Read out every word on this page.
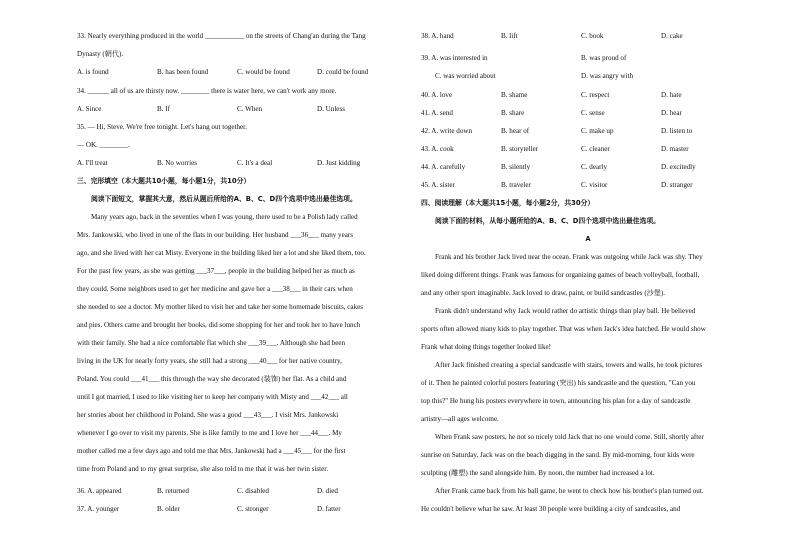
33. Nearly everything produced in the world ___________ on the streets of Chang'an during the Tang
Dynasty (朝代).
A. is found	B. has been found	C. would be found	D. could be found
34. ______ all of us are thirsty now. ________ there is water here, we can't work any more.
A. Since	B. If	C. When	D. Unless
35. — Hi, Steve. We're free tonight. Let's hang out together.
— OK. ________.
A. I'll treat	B. No worries	C. It's a deal	D. Just kidding
三、完形填空（本大题共10小题，每小题1分，共10分）
阅读下面短文，掌握其大意，然后从题后所给的A、B、C、D四个选项中选出最佳选项。
Many years ago, back in the seventies when I was young, there used to be a Polish lady called
Mrs. Jankowski, who lived in one of the flats in our building. Her husband ___36___ many years
ago, and she lived with her cat Misty. Everyone in the building liked her a lot and she liked them, too.
For the past few years, as she was getting ___37___, people in the building helped her as much as
they could. Some neighbors used to get her medicine and gave her a ___38___ in their cars when
she needed to see a doctor. My mother liked to visit her and take her some homemade biscuits, cakes
and pies. Others came and brought her books, did some shopping for her and took her to have lunch
with their family. She had a nice comfortable flat which she ___39___. Although she had been
living in the UK for nearly forty years, she still had a strong ___40___ for her native country,
Poland. You could ___41___ this through the way she decorated (装饰) her flat. As a child and
until I got married, I used to like visiting her to keep her company with Misty and ___42___ all
her stories about her childhood in Poland. She was a good ___43___. I visit Mrs. Jankowski
whenever I go over to visit my parents. She is like family to me and I love her ___44___. My
mother called me a few days ago and told me that Mrs. Jankowski had a ___45___ for the first
time from Poland and to my great surprise, she also told to me that it was her twin sister.
36. A. appeared	B. returned	C. disabled	D. died
37. A. younger	B. older	C. stronger	D. fatter
38. A. hand	B. lift	C. book	D. cake
39. A. was interested in	B. was proud of
C. was worried about	D. was angry with
40. A. love	B. shame	C. respect	D. hate
41. A. send	B. share	C. sense	D. hear
42. A. write down	B. hear of	C. make up	D. listen to
43. A. cook	B. storyteller	C. cleaner	D. master
44. A. carefully	B. silently	C. dearly	D. excitedly
45. A. sister	B. traveler	C. visitor	D. stranger
四、阅读理解（本大题共15小题，每小题2分，共30分）
阅读下面的材料，从每小题所给的A、B、C、D四个选项中选出最佳选项。
A
Frank and his brother Jack lived near the ocean. Frank was outgoing while Jack was shy. They
liked doing different things. Frank was famous for organizing games of beach volleyball, football,
and any other sport imaginable. Jack loved to draw, paint, or build sandcastles (沙堡).
Frank didn't understand why Jack would rather do artistic things than play ball. He believed
sports often allowed many kids to play together. That was when Jack's idea hatched. He would show
Frank what doing things together looked like!
After Jack finished creating a special sandcastle with stairs, towers and walls, he took pictures
of it. Then he painted colorful posters featuring (突出) his sandcastle and the question, "Can you
top this?" He hung his posters everywhere in town, announcing his plan for a day of sandcastle
artistry—all ages welcome.
When Frank saw posters, he not so nicely told Jack that no one would come. Still, shortly after
sunrise on Saturday, Jack was on the beach digging in the sand. By mid-morning, four kids were
sculpting (雕塑) the sand alongside him. By noon, the number had increased a lot.
After Frank came back from his ball game, he went to check how his brother's plan turned out.
He couldn't believe what he saw. At least 30 people were building a city of sandcastles, and
